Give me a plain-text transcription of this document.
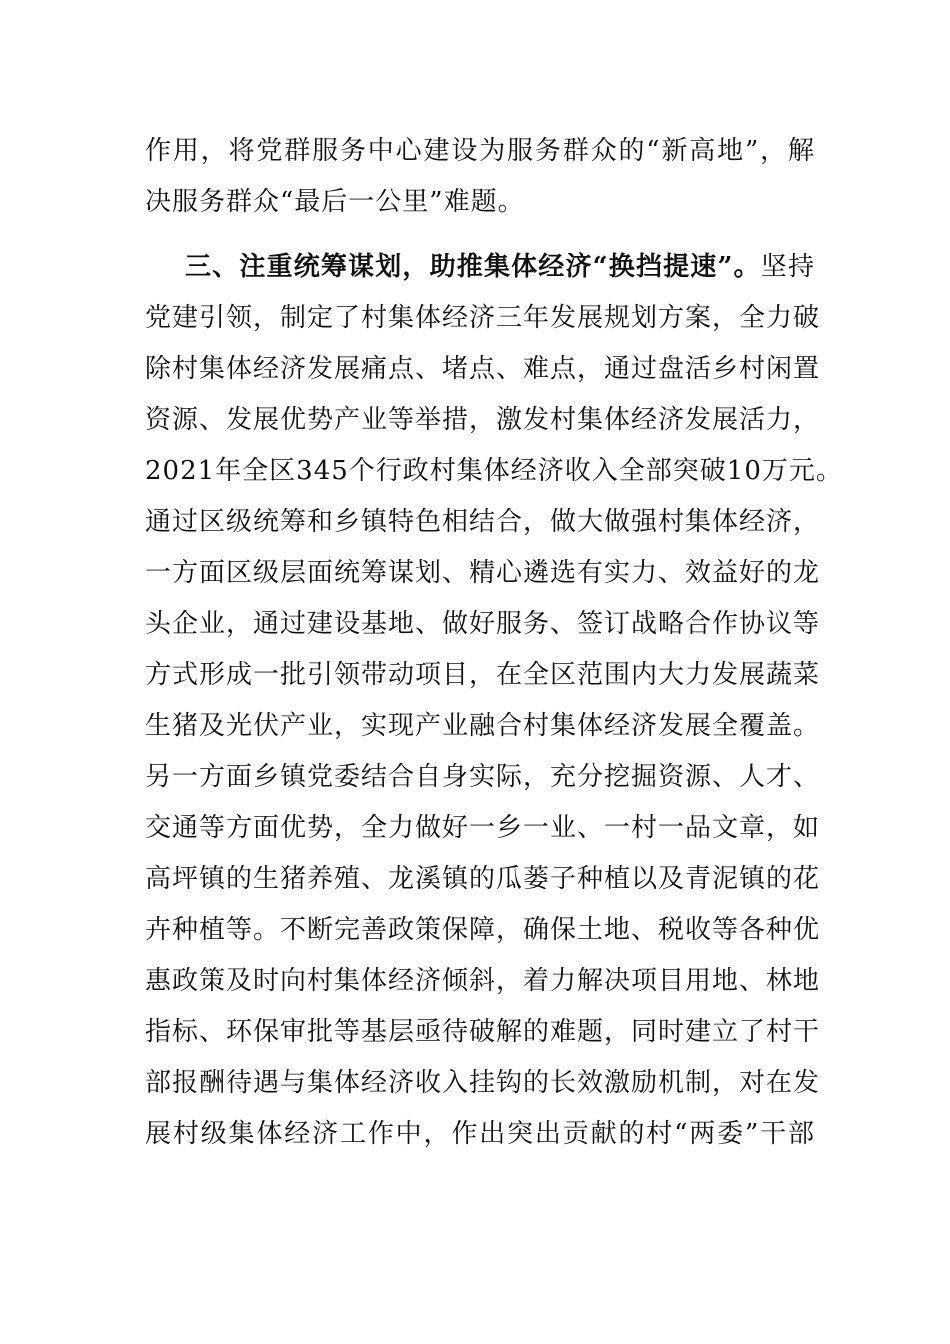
作用，将党群服务中心建设为服务群众的“新高地”，解
决服务群众“最后一公里”难题。
三、注重统筹谋划，助推集体经济“换挡提速”。坚持
党建引领，制定了村集体经济三年发展规划方案，全力破
除村集体经济发展痛点、堵点、难点，通过盘活乡村闲置
资源、发展优势产业等举措，激发村集体经济发展活力，
2021年全区345个行政村集体经济收入全部突破10万元。
通过区级统筹和乡镇特色相结合，做大做强村集体经济，
一方面区级层面统筹谋划、精心遴选有实力、效益好的龙
头企业，通过建设基地、做好服务、签订战略合作协议等
方式形成一批引领带动项目，在全区范围内大力发展蔬菜
生猪及光伏产业，实现产业融合村集体经济发展全覆盖。
另一方面乡镇党委结合自身实际，充分挖掘资源、人才、
交通等方面优势，全力做好一乡一业、一村一品文章，如
高坪镇的生猪养殖、龙溪镇的瓜蒌子种植以及青泥镇的花
卉种植等。不断完善政策保障，确保土地、税收等各种优
惠政策及时向村集体经济倾斜，着力解决项目用地、林地
指标、环保审批等基层亟待破解的难题，同时建立了村干
部报酬待遇与集体经济收入挂钩的长效激励机制，对在发
展村级集体经济工作中，作出突出贡献的村“两委”干部
